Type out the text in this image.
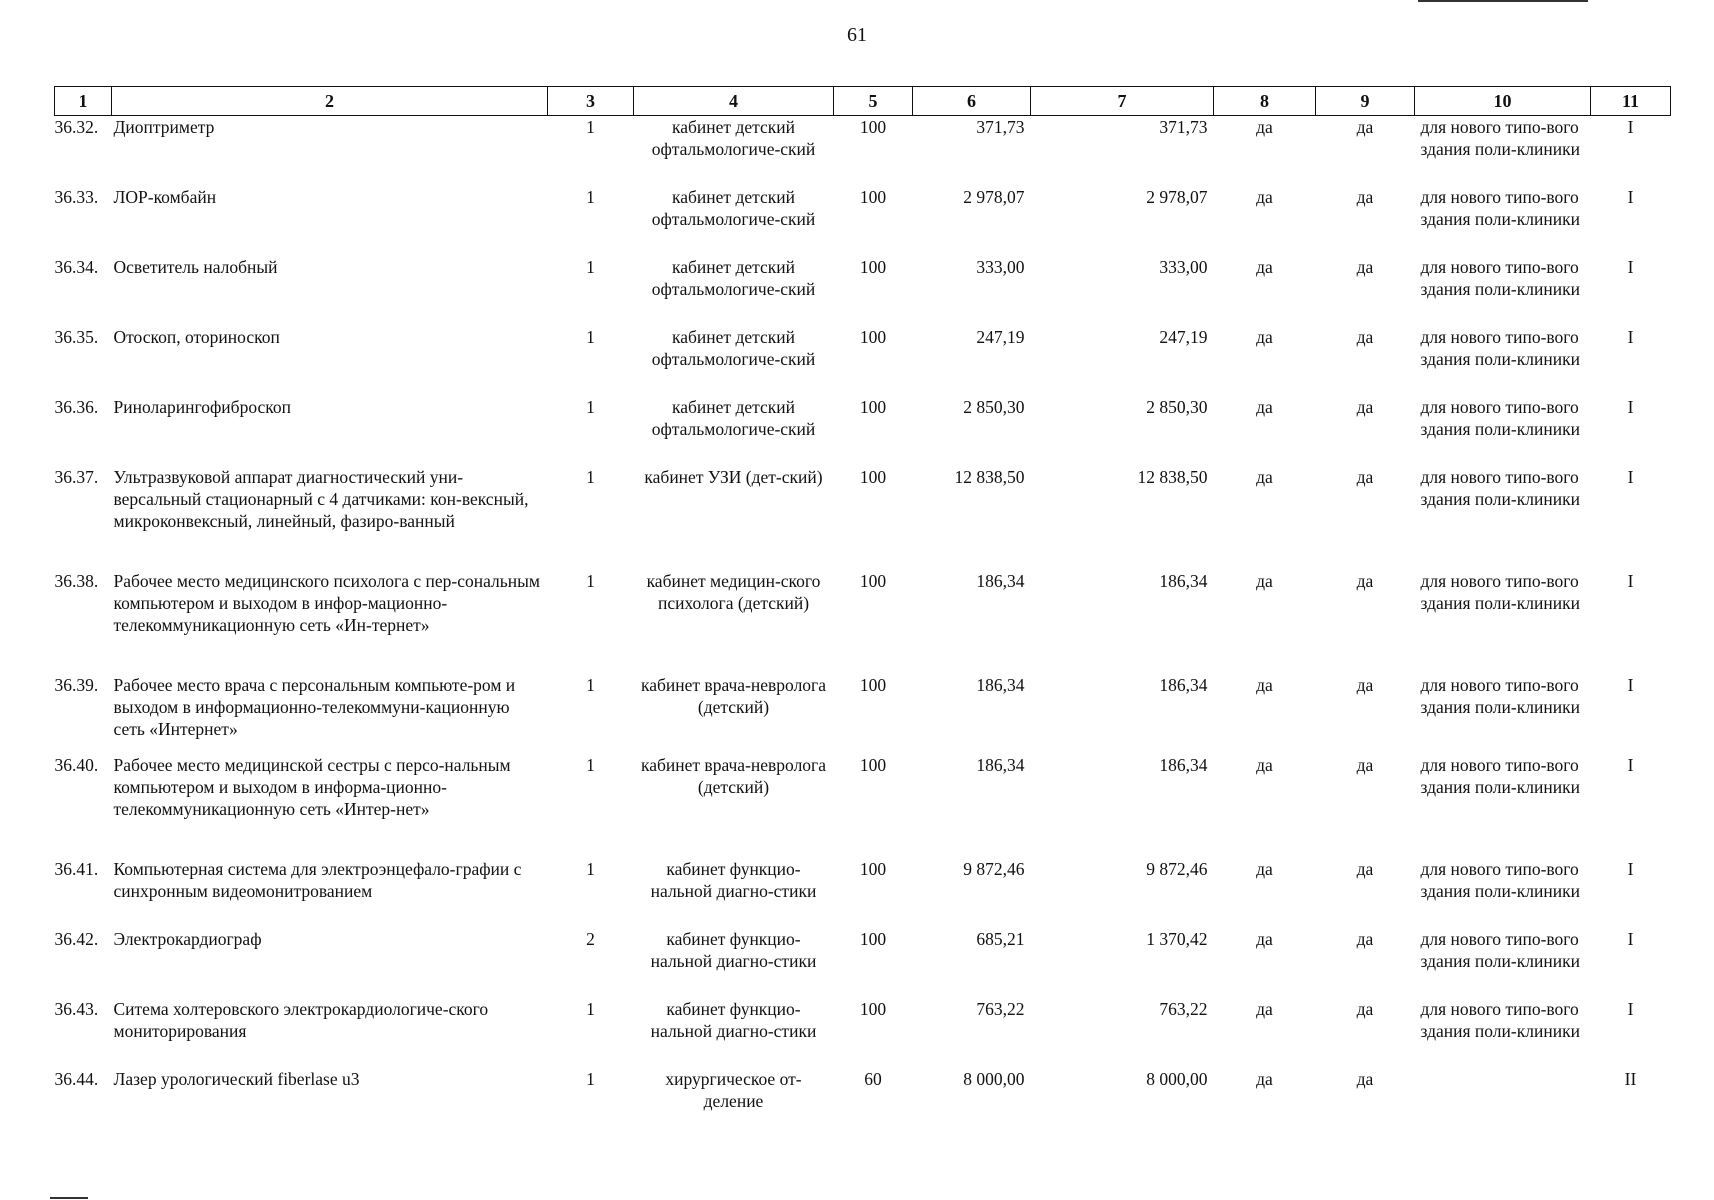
61
1	2	3	4	5	6	7	8	9	10	11
36.32.	Диоптриметр	1	кабинет детский офтальмологиче-ский	100	371,73	371,73	да	да	для нового типо-вого здания поли-клиники	I
36.33.	ЛОР-комбайн	1	кабинет детский офтальмологиче-ский	100	2 978,07	2 978,07	да	да	для нового типо-вого здания поли-клиники	I
36.34.	Осветитель налобный	1	кабинет детский офтальмологиче-ский	100	333,00	333,00	да	да	для нового типо-вого здания поли-клиники	I
36.35.	Отоскоп, оториноскоп	1	кабинет детский офтальмологиче-ский	100	247,19	247,19	да	да	для нового типо-вого здания поли-клиники	I
36.36.	Риноларингофиброскоп	1	кабинет детский офтальмологиче-ский	100	2 850,30	2 850,30	да	да	для нового типо-вого здания поли-клиники	I
36.37.	Ультразвуковой аппарат диагностический уни-версальный стационарный с 4 датчиками: кон-вексный, микроконвексный, линейный, фазиро-ванный	1	кабинет УЗИ (дет-ский)	100	12 838,50	12 838,50	да	да	для нового типо-вого здания поли-клиники	I
36.38.	Рабочее место медицинского психолога с пер-сональным компьютером и выходом в инфор-мационно-телекоммуникационную сеть «Ин-тернет»	1	кабинет медицин-ского психолога (детский)	100	186,34	186,34	да	да	для нового типо-вого здания поли-клиники	I
36.39.	Рабочее место врача с персональным компьюте-ром и выходом в информационно-телекоммуни-кационную сеть «Интернет»	1	кабинет врача-невролога (детский)	100	186,34	186,34	да	да	для нового типо-вого здания поли-клиники	I
36.40.	Рабочее место медицинской сестры с персо-нальным компьютером и выходом в информа-ционно-телекоммуникационную сеть «Интер-нет»	1	кабинет врача-невролога (детский)	100	186,34	186,34	да	да	для нового типо-вого здания поли-клиники	I
36.41.	Компьютерная система для электроэнцефало-графии с синхронным видеомонитрованием	1	кабинет функцио-нальной диагно-стики	100	9 872,46	9 872,46	да	да	для нового типо-вого здания поли-клиники	I
36.42.	Электрокардиограф	2	кабинет функцио-нальной диагно-стики	100	685,21	1 370,42	да	да	для нового типо-вого здания поли-клиники	I
36.43.	Ситема холтеровского электрокардиологиче-ского мониторирования	1	кабинет функцио-нальной диагно-стики	100	763,22	763,22	да	да	для нового типо-вого здания поли-клиники	I
36.44.	Лазер урологический fiberlase u3	1	хирургическое от-деление	60	8 000,00	8 000,00	да	да		II
